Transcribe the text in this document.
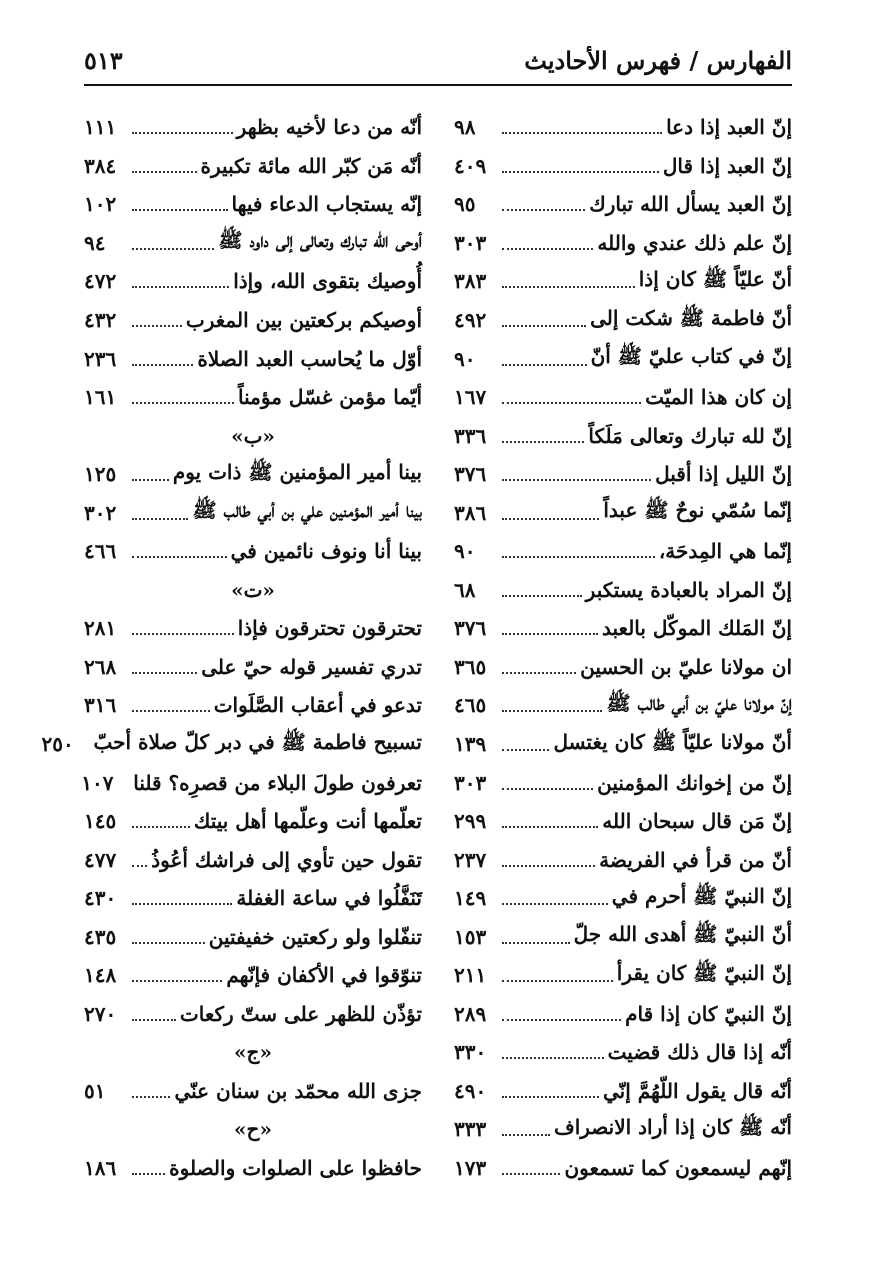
الفهارس / فهرس الأحاديث
٥١٣
إنّ العبد إذا دعا
٩٨
إنّ العبد إذا قال
٤٠٩
إنّ العبد يسأل الله تبارك
٩٥
إنّ علم ذلك عندي والله
٣٠٣
أنّ عليّاً ﷺ كان إذا
٣٨٣
أنّ فاطمة ﷺ شكت إلى
٤٩٢
إنّ في كتاب عليّ ﷺ أنّ
٩٠
إن كان هذا الميّت
١٦٧
إنّ لله تبارك وتعالى مَلَكاً
٣٣٦
إنّ الليل إذا أقبل
٣٧٦
إنّما سُمّي نوحٌ ﷺ عبداً
٣٨٦
إنّما هي المِدحَة،
٩٠
إنّ المراد بالعبادة يستكبر
٦٨
إنّ المَلك الموكّل بالعبد
٣٧٦
ان مولانا عليّ بن الحسين
٣٦٥
إنّ مولانا عليّ بن أبي طالب ﷺ
٤٦٥
أنّ مولانا عليّاً ﷺ كان يغتسل
١٣٩
إنّ من إخوانك المؤمنين
٣٠٣
إنّ مَن قال سبحان الله
٢٩٩
أنّ من قرأ في الفريضة
٢٣٧
إنّ النبيّ ﷺ أحرم في
١٤٩
أنّ النبيّ ﷺ أهدى الله جلّ
١٥٣
إنّ النبيّ ﷺ كان يقرأ
٢١١
إنّ النبيّ كان إذا قام
٢٨٩
أنّه إذا قال ذلك قضيت
٣٣٠
أنّه قال يقول اللّهُمَّ إنّي
٤٩٠
أنّه ﷺ كان إذا أراد الانصراف
٣٣٣
إنّهم ليسمعون كما تسمعون
١٧٣
أنّه من دعا لأخيه بظهر
١١١
أنّه مَن كبّر الله مائة تكبيرة
٣٨٤
إنّه يستجاب الدعاء فيها
١٠٢
أوحى الله تبارك وتعالى إلى داود ﷺ
٩٤
أُوصيك بتقوى الله، وإذا
٤٧٢
أوصيكم بركعتين بين المغرب
٤٣٢
أوّل ما يُحاسب العبد الصلاة
٢٣٦
أيّما مؤمن غسّل مؤمناً
١٦١
«ب»
بينا أمير المؤمنين ﷺ ذات يوم
١٢٥
بينا أمير المؤمنين علي بن أبي طالب ﷺ
٣٠٢
بينا أنا ونوف نائمين في
٤٦٦
«ت»
تحترقون تحترقون فإذا
٢٨١
تدري تفسير قوله حيّ على
٢٦٨
تدعو في أعقاب الصَّلَوات
٣١٦
تسبيح فاطمة ﷺ في دبر كلّ صلاة أحبّ
٢٥٠
تعرفون طولَ البلاء من قصرِه؟ قلنا
١٠٧
تعلّمها أنت وعلّمها أهل بيتك
١٤٥
تقول حين تأوي إلى فراشك أعُوذُ
٤٧٧
تَنَفَّلُوا في ساعة الغفلة
٤٣٠
تنفّلوا ولو ركعتين خفيفتين
٤٣٥
تنوّقوا في الأكفان فإنّهم
١٤٨
تؤذّن للظهر على ستّ ركعات
٢٧٠
«ج»
جزى الله محمّد بن سنان عنّي
٥١
«ح»
حافظوا على الصلوات والصلوة
١٨٦
